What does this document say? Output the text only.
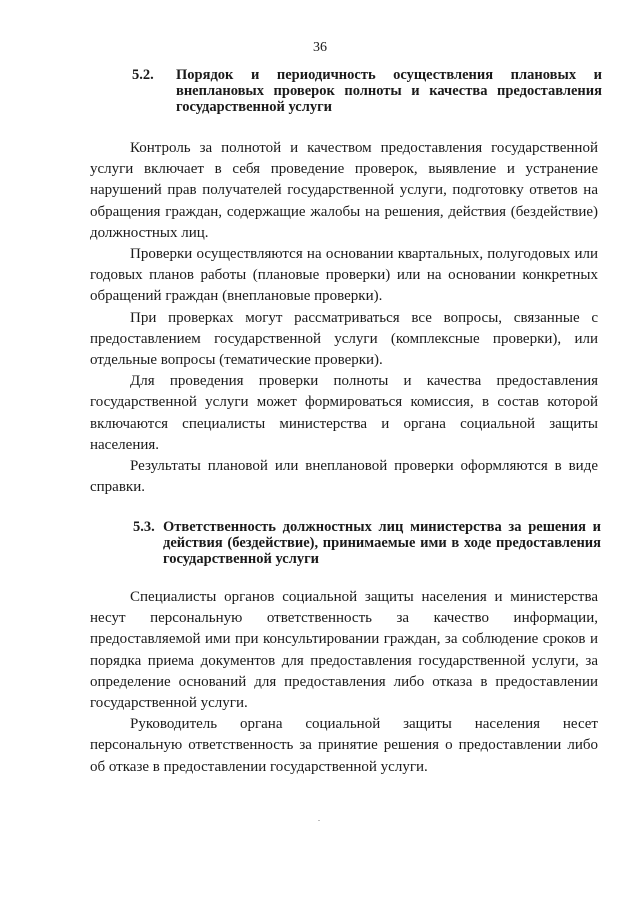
36
5.2. Порядок и периодичность осуществления плановых и внеплановых проверок полноты и качества предоставления государственной услуги

Контроль за полнотой и качеством предоставления государственной услуги включает в себя проведение проверок, выявление и устранение нарушений прав получателей государственной услуги, подготовку ответов на обращения граждан, содержащие жалобы на решения, действия (бездействие) должностных лиц.

Проверки осуществляются на основании квартальных, полугодовых или годовых планов работы (плановые проверки) или на основании конкретных обращений граждан (внеплановые проверки).

При проверках могут рассматриваться все вопросы, связанные с предоставлением государственной услуги (комплексные проверки), или отдельные вопросы (тематические проверки).

Для проведения проверки полноты и качества предоставления государственной услуги может формироваться комиссия, в состав которой включаются специалисты министерства и органа социальной защиты населения.

Результаты плановой или внеплановой проверки оформляются в виде справки.

5.3. Ответственность должностных лиц министерства за решения и действия (бездействие), принимаемые ими в ходе предоставления государственной услуги

Специалисты органов социальной защиты населения и министерства несут персональную ответственность за качество информации, предоставляемой ими при консультировании граждан, за соблюдение сроков и порядка приема документов для предоставления государственной услуги, за определение оснований для предоставления либо отказа в предоставлении государственной услуги.

Руководитель органа социальной защиты населения несет персональную ответственность за принятие решения о предоставлении либо об отказе в предоставлении государственной услуги.
